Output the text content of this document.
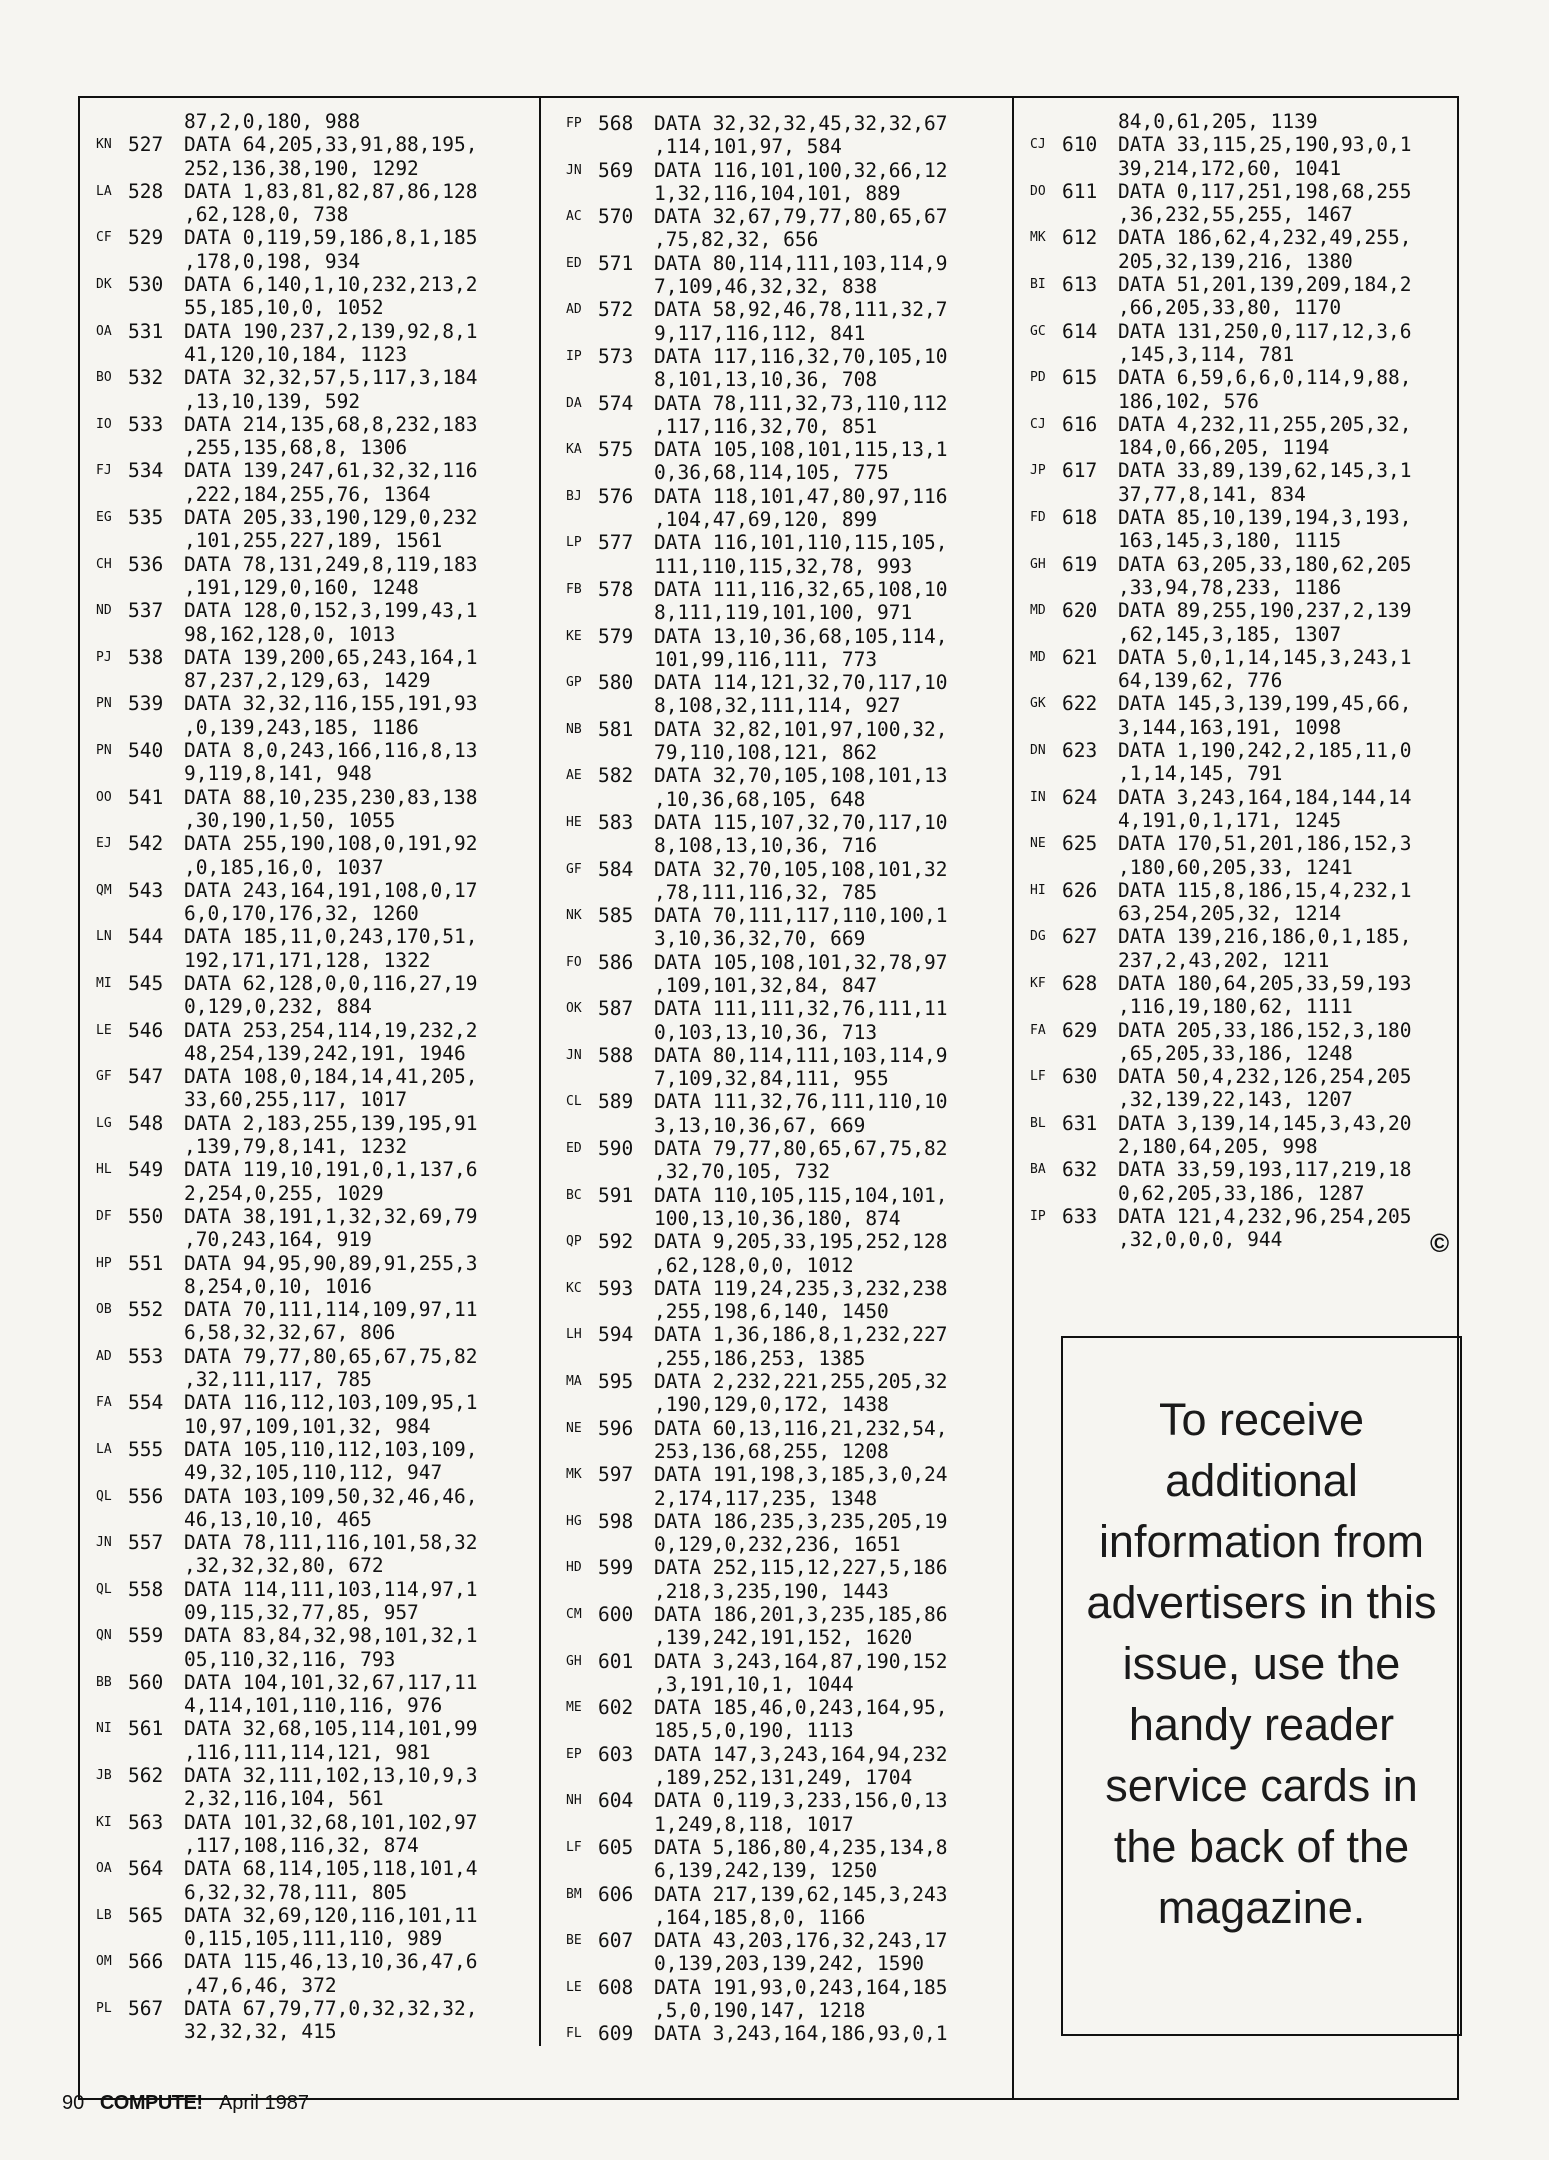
87,2,0,180, 988
KN 527	DATA 64,205,33,91,88,195,
252,136,38,190, 1292
LA 528	DATA 1,83,81,82,87,86,128
,62,128,0, 738
CF 529	DATA 0,119,59,186,8,1,185
,178,0,198, 934
DK 530	DATA 6,140,1,10,232,213,2
55,185,10,0, 1052
OA 531	DATA 190,237,2,139,92,8,1
41,120,10,184, 1123
BO 532	DATA 32,32,57,5,117,3,184
,13,10,139, 592
IO 533	DATA 214,135,68,8,232,183
,255,135,68,8, 1306
FJ 534	DATA 139,247,61,32,32,116
,222,184,255,76, 1364
EG 535	DATA 205,33,190,129,0,232
,101,255,227,189, 1561
CH 536	DATA 78,131,249,8,119,183
,191,129,0,160, 1248
ND 537	DATA 128,0,152,3,199,43,1
98,162,128,0, 1013
PJ 538	DATA 139,200,65,243,164,1
87,237,2,129,63, 1429
PN 539	DATA 32,32,116,155,191,93
,0,139,243,185, 1186
PN 540	DATA 8,0,243,166,116,8,13
9,119,8,141, 948
OO 541	DATA 88,10,235,230,83,138
,30,190,1,50, 1055
EJ 542	DATA 255,190,108,0,191,92
,0,185,16,0, 1037
QM 543	DATA 243,164,191,108,0,17
6,0,170,176,32, 1260
LN 544	DATA 185,11,0,243,170,51,
192,171,171,128, 1322
MI 545	DATA 62,128,0,0,116,27,19
0,129,0,232, 884
LE 546	DATA 253,254,114,19,232,2
48,254,139,242,191, 1946
GF 547	DATA 108,0,184,14,41,205,
33,60,255,117, 1017
LG 548	DATA 2,183,255,139,195,91
,139,79,8,141, 1232
HL 549	DATA 119,10,191,0,1,137,6
2,254,0,255, 1029
DF 550	DATA 38,191,1,32,32,69,79
,70,243,164, 919
HP 551	DATA 94,95,90,89,91,255,3
8,254,0,10, 1016
OB 552	DATA 70,111,114,109,97,11
6,58,32,32,67, 806
AD 553	DATA 79,77,80,65,67,75,82
,32,111,117, 785
FA 554	DATA 116,112,103,109,95,1
10,97,109,101,32, 984
LA 555	DATA 105,110,112,103,109,
49,32,105,110,112, 947
QL 556	DATA 103,109,50,32,46,46,
46,13,10,10, 465
JN 557	DATA 78,111,116,101,58,32
,32,32,32,80, 672
QL 558	DATA 114,111,103,114,97,1
09,115,32,77,85, 957
QN 559	DATA 83,84,32,98,101,32,1
05,110,32,116, 793
BB 560	DATA 104,101,32,67,117,11
4,114,101,110,116, 976
NI 561	DATA 32,68,105,114,101,99
,116,111,114,121, 981
JB 562	DATA 32,111,102,13,10,9,3
2,32,116,104, 561
KI 563	DATA 101,32,68,101,102,97
,117,108,116,32, 874
OA 564	DATA 68,114,105,118,101,4
6,32,32,78,111, 805
LB 565	DATA 32,69,120,116,101,11
0,115,105,111,110, 989
OM 566	DATA 115,46,13,10,36,47,6
,47,6,46, 372
PL 567	DATA 67,79,77,0,32,32,32,
32,32,32, 415
FP 568	DATA 32,32,32,45,32,32,67
,114,101,97, 584
JN 569	DATA 116,101,100,32,66,12
1,32,116,104,101, 889
AC 570	DATA 32,67,79,77,80,65,67
,75,82,32, 656
ED 571	DATA 80,114,111,103,114,9
7,109,46,32,32, 838
AD 572	DATA 58,92,46,78,111,32,7
9,117,116,112, 841
IP 573	DATA 117,116,32,70,105,10
8,101,13,10,36, 708
DA 574	DATA 78,111,32,73,110,112
,117,116,32,70, 851
KA 575	DATA 105,108,101,115,13,1
0,36,68,114,105, 775
BJ 576	DATA 118,101,47,80,97,116
,104,47,69,120, 899
LP 577	DATA 116,101,110,115,105,
111,110,115,32,78, 993
FB 578	DATA 111,116,32,65,108,10
8,111,119,101,100, 971
KE 579	DATA 13,10,36,68,105,114,
101,99,116,111, 773
GP 580	DATA 114,121,32,70,117,10
8,108,32,111,114, 927
NB 581	DATA 32,82,101,97,100,32,
79,110,108,121, 862
AE 582	DATA 32,70,105,108,101,13
,10,36,68,105, 648
HE 583	DATA 115,107,32,70,117,10
8,108,13,10,36, 716
GF 584	DATA 32,70,105,108,101,32
,78,111,116,32, 785
NK 585	DATA 70,111,117,110,100,1
3,10,36,32,70, 669
FO 586	DATA 105,108,101,32,78,97
,109,101,32,84, 847
OK 587	DATA 111,111,32,76,111,11
0,103,13,10,36, 713
JN 588	DATA 80,114,111,103,114,9
7,109,32,84,111, 955
CL 589	DATA 111,32,76,111,110,10
3,13,10,36,67, 669
ED 590	DATA 79,77,80,65,67,75,82
,32,70,105, 732
BC 591	DATA 110,105,115,104,101,
100,13,10,36,180, 874
QP 592	DATA 9,205,33,195,252,128
,62,128,0,0, 1012
KC 593	DATA 119,24,235,3,232,238
,255,198,6,140, 1450
LH 594	DATA 1,36,186,8,1,232,227
,255,186,253, 1385
MA 595	DATA 2,232,221,255,205,32
,190,129,0,172, 1438
NE 596	DATA 60,13,116,21,232,54,
253,136,68,255, 1208
MK 597	DATA 191,198,3,185,3,0,24
2,174,117,235, 1348
HG 598	DATA 186,235,3,235,205,19
0,129,0,232,236, 1651
HD 599	DATA 252,115,12,227,5,186
,218,3,235,190, 1443
CM 600	DATA 186,201,3,235,185,86
,139,242,191,152, 1620
GH 601	DATA 3,243,164,87,190,152
,3,191,10,1, 1044
ME 602	DATA 185,46,0,243,164,95,
185,5,0,190, 1113
EP 603	DATA 147,3,243,164,94,232
,189,252,131,249, 1704
NH 604	DATA 0,119,3,233,156,0,13
1,249,8,118, 1017
LF 605	DATA 5,186,80,4,235,134,8
6,139,242,139, 1250
BM 606	DATA 217,139,62,145,3,243
,164,185,8,0, 1166
BE 607	DATA 43,203,176,32,243,17
0,139,203,139,242, 1590
LE 608	DATA 191,93,0,243,164,185
,5,0,190,147, 1218
FL 609	DATA 3,243,164,186,93,0,1
84,0,61,205, 1139
CJ 610	DATA 33,115,25,190,93,0,1
39,214,172,60, 1041
DO 611	DATA 0,117,251,198,68,255
,36,232,55,255, 1467
MK 612	DATA 186,62,4,232,49,255,
205,32,139,216, 1380
BI 613	DATA 51,201,139,209,184,2
,66,205,33,80, 1170
GC 614	DATA 131,250,0,117,12,3,6
,145,3,114, 781
PD 615	DATA 6,59,6,6,0,114,9,88,
186,102, 576
CJ 616	DATA 4,232,11,255,205,32,
184,0,66,205, 1194
JP 617	DATA 33,89,139,62,145,3,1
37,77,8,141, 834
FD 618	DATA 85,10,139,194,3,193,
163,145,3,180, 1115
GH 619	DATA 63,205,33,180,62,205
,33,94,78,233, 1186
MD 620	DATA 89,255,190,237,2,139
,62,145,3,185, 1307
MD 621	DATA 5,0,1,14,145,3,243,1
64,139,62, 776
GK 622	DATA 145,3,139,199,45,66,
3,144,163,191, 1098
DN 623	DATA 1,190,242,2,185,11,0
,1,14,145, 791
IN 624	DATA 3,243,164,184,144,14
4,191,0,1,171, 1245
NE 625	DATA 170,51,201,186,152,3
,180,60,205,33, 1241
HI 626	DATA 115,8,186,15,4,232,1
63,254,205,32, 1214
DG 627	DATA 139,216,186,0,1,185,
237,2,43,202, 1211
KF 628	DATA 180,64,205,33,59,193
,116,19,180,62, 1111
FA 629	DATA 205,33,186,152,3,180
,65,205,33,186, 1248
LF 630	DATA 50,4,232,126,254,205
,32,139,22,143, 1207
BL 631	DATA 3,139,14,145,3,43,20
2,180,64,205, 998
BA 632	DATA 33,59,193,117,219,18
0,62,205,33,186, 1287
IP 633	DATA 121,4,232,96,254,205
,32,0,0,0, 944	©
To receive additional information from advertisers in this issue, use the handy reader service cards in the back of the magazine.
90 COMPUTE! April 1987
